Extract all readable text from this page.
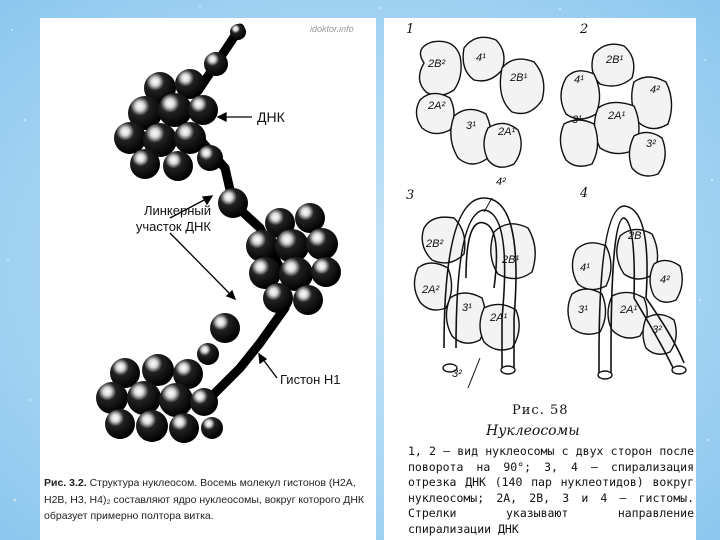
idoktor.info
ДНК
Линкерный
участок ДНК
Гистон Н1
Рис. 3.2. Структура нуклеосом. Восемь молекул гистонов (Н2А, Н2В, Н3, Н4)₂ составляют ядро нуклеосомы, вокруг которого ДНК образует примерно полтора витка.
1	2
3	4
2B²	4¹
2B¹
2A²
3¹ 2A¹
2B¹
4¹
4²
2A¹
3¹
3²
4²
2B²
2B¹
2A²
3¹
2A¹
3²
2B
4¹
4²
3¹	2A¹
3²
Рис. 58
Нуклеосомы
1, 2 — вид нуклеосомы с двух сторон после поворота на 90°; 3, 4 — спирализация отрезка ДНК (140 пар нуклеотидов) вокруг нуклеосомы; 2А, 2В, 3 и 4 — гистомы. Стрелки указывают направление спирализации ДНК
